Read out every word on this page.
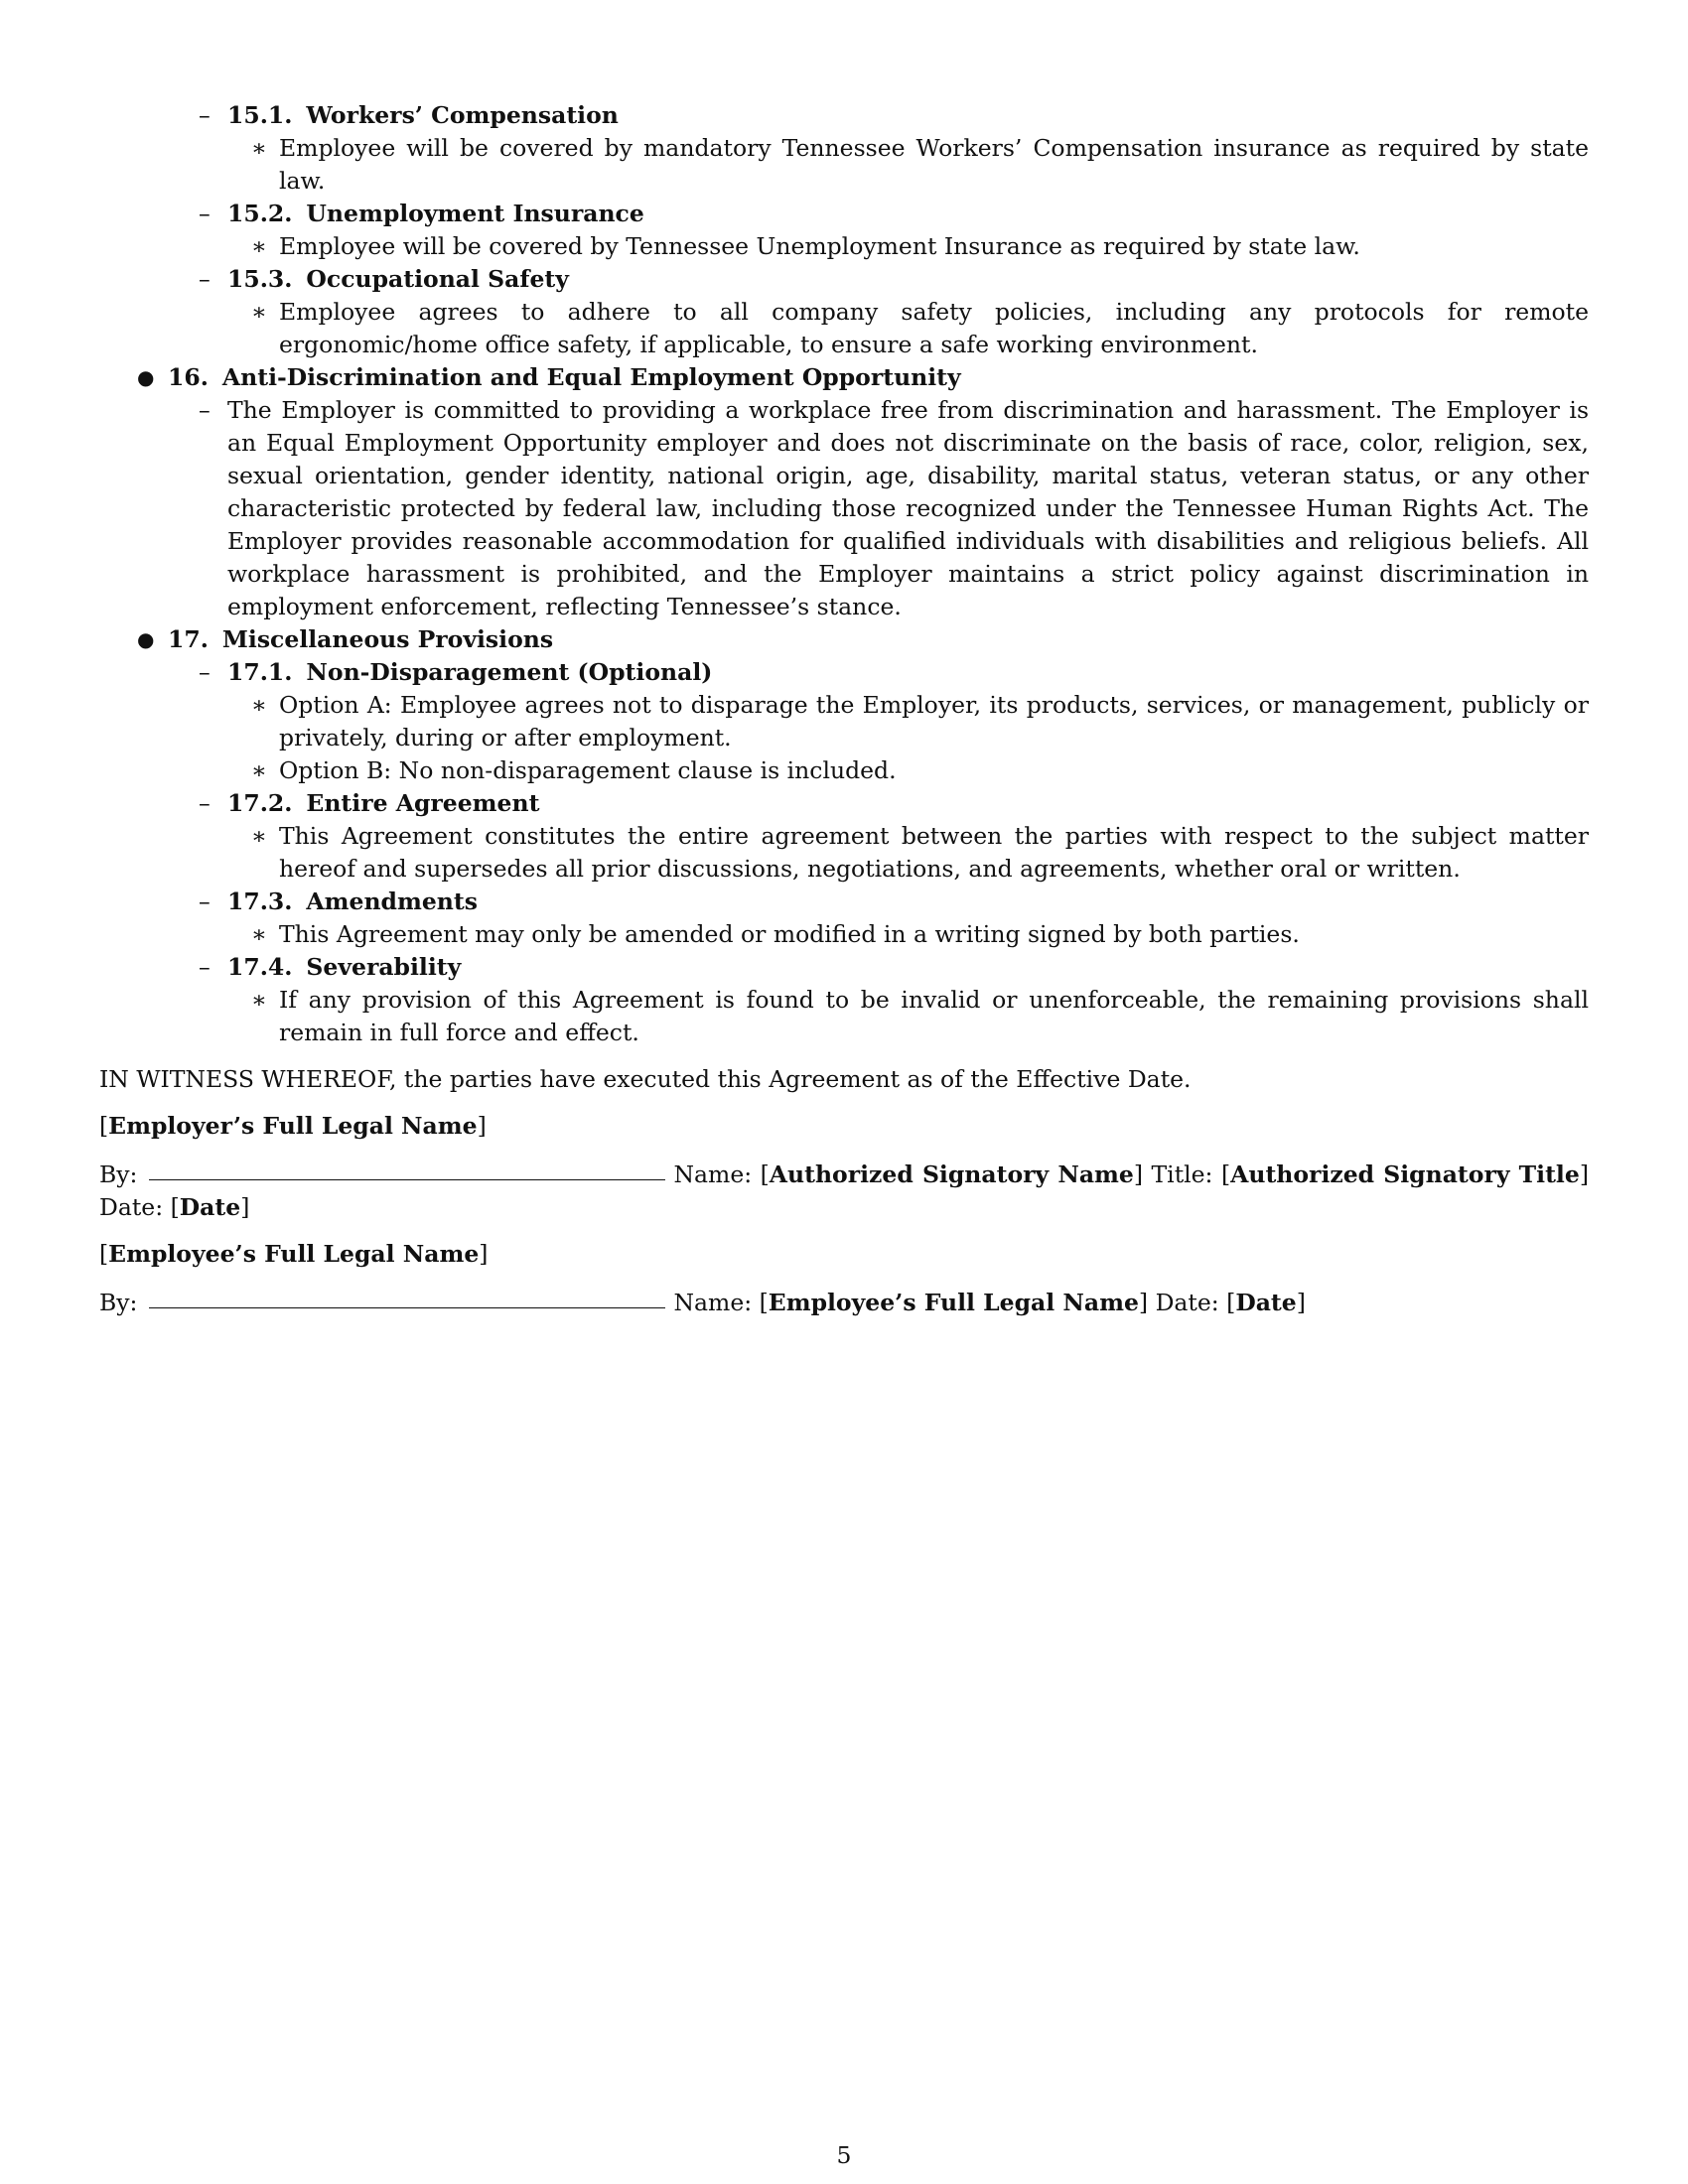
– 15.1. Workers’ Compensation
∗ Employee will be covered by mandatory Tennessee Workers’ Compensation insurance as required by state law.
– 15.2. Unemployment Insurance
∗ Employee will be covered by Tennessee Unemployment Insurance as required by state law.
– 15.3. Occupational Safety
∗ Employee agrees to adhere to all company safety policies, including any protocols for remote ergonomic/home office safety, if applicable, to ensure a safe working environment.
● 16. Anti-Discrimination and Equal Employment Opportunity
– The Employer is committed to providing a workplace free from discrimination and harassment. The Employer is an Equal Employment Opportunity employer and does not discriminate on the basis of race, color, religion, sex, sexual orientation, gender identity, national origin, age, disability, marital status, veteran status, or any other characteristic protected by federal law, including those recognized under the Tennessee Human Rights Act. The Employer provides reasonable accommodation for qualified individuals with disabilities and religious beliefs. All workplace harassment is prohibited, and the Employer maintains a strict policy against discrimination in employment enforcement, reflecting Tennessee’s stance.
● 17. Miscellaneous Provisions
– 17.1. Non-Disparagement (Optional)
∗ Option A: Employee agrees not to disparage the Employer, its products, services, or management, publicly or privately, during or after employment.
∗ Option B: No non-disparagement clause is included.
– 17.2. Entire Agreement
∗ This Agreement constitutes the entire agreement between the parties with respect to the subject matter hereof and supersedes all prior discussions, negotiations, and agreements, whether oral or written.
– 17.3. Amendments
∗ This Agreement may only be amended or modified in a writing signed by both parties.
– 17.4. Severability
∗ If any provision of this Agreement is found to be invalid or unenforceable, the remaining provisions shall remain in full force and effect.
IN WITNESS WHEREOF, the parties have executed this Agreement as of the Effective Date.
[Employer’s Full Legal Name]
By:	Name: [Authorized Signatory Name] Title: [Authorized Signatory Title] Date: [Date]
[Employee’s Full Legal Name]
By:	Name: [Employee’s Full Legal Name] Date: [Date]
5
